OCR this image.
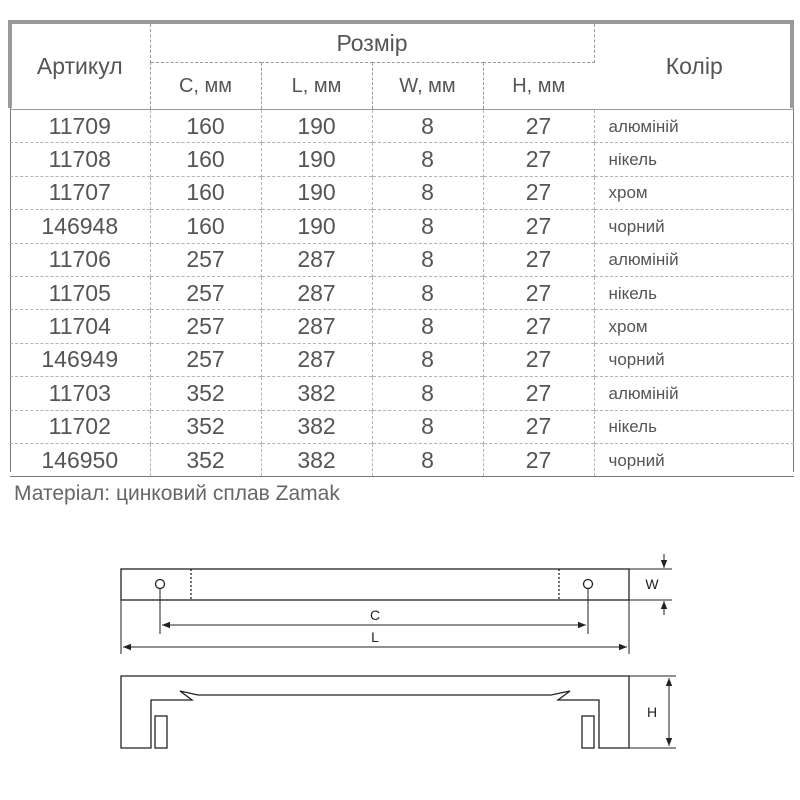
Артикул	Розмір				Колір
	C, мм	L, мм	W, мм	H, мм	
11709	160	190	8	27	алюміній
11708	160	190	8	27	нікель
11707	160	190	8	27	хром
146948	160	190	8	27	чорний
11706	257	287	8	27	алюміній
11705	257	287	8	27	нікель
11704	257	287	8	27	хром
146949	257	287	8	27	чорний
11703	352	382	8	27	алюміній
11702	352	382	8	27	нікель
146950	352	382	8	27	чорний
Матеріал: цинковий сплав Zamak
C
L
W
H
